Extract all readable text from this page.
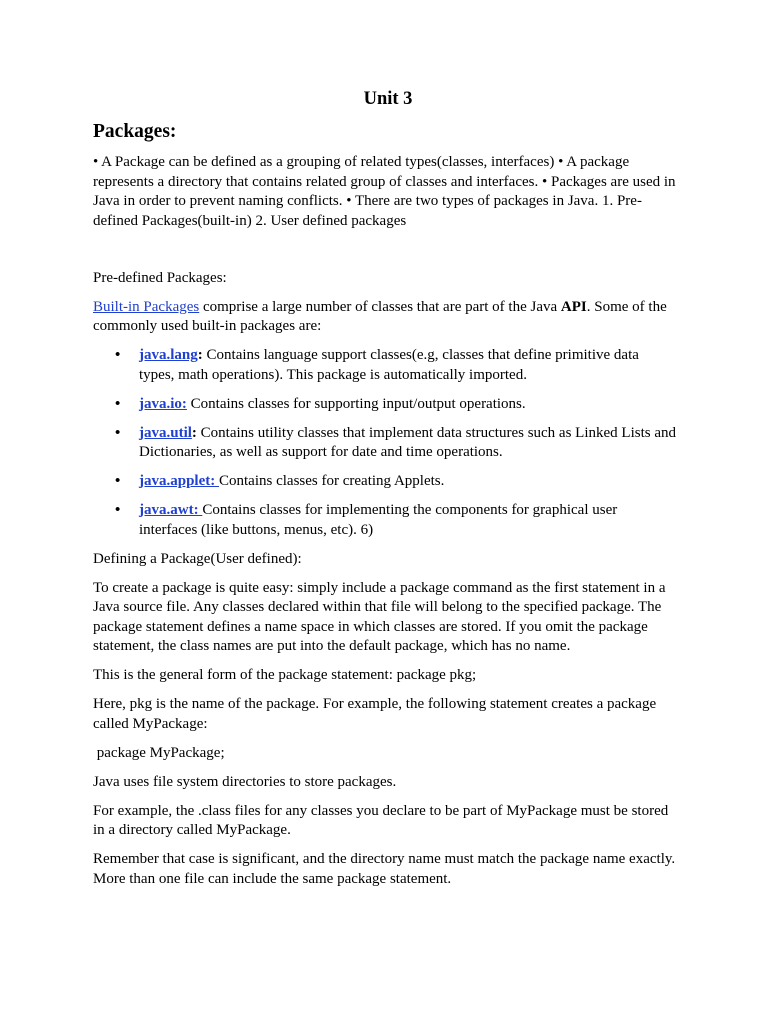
Unit 3
Packages:

• A Package can be defined as a grouping of related types(classes, interfaces) • A package represents a directory that contains related group of classes and interfaces. • Packages are used in Java in order to prevent naming conflicts. • There are two types of packages in Java. 1. Pre-defined Packages(built-in) 2. User defined packages

Pre-defined Packages:

Built-in Packages comprise a large number of classes that are part of the Java API. Some of the commonly used built-in packages are:

• java.lang: Contains language support classes(e.g, classes that define primitive data types, math operations). This package is automatically imported.
• java.io: Contains classes for supporting input/output operations.
• java.util: Contains utility classes that implement data structures such as Linked Lists and Dictionaries, as well as support for date and time operations.
• java.applet: Contains classes for creating Applets.
• java.awt: Contains classes for implementing the components for graphical user interfaces (like buttons, menus, etc). 6)

Defining a Package(User defined):

To create a package is quite easy: simply include a package command as the first statement in a Java source file. Any classes declared within that file will belong to the specified package. The package statement defines a name space in which classes are stored. If you omit the package statement, the class names are put into the default package, which has no name.

This is the general form of the package statement: package pkg;

Here, pkg is the name of the package. For example, the following statement creates a package called MyPackage:

package MyPackage;

Java uses file system directories to store packages.

For example, the .class files for any classes you declare to be part of MyPackage must be stored in a directory called MyPackage.

Remember that case is significant, and the directory name must match the package name exactly. More than one file can include the same package statement.
